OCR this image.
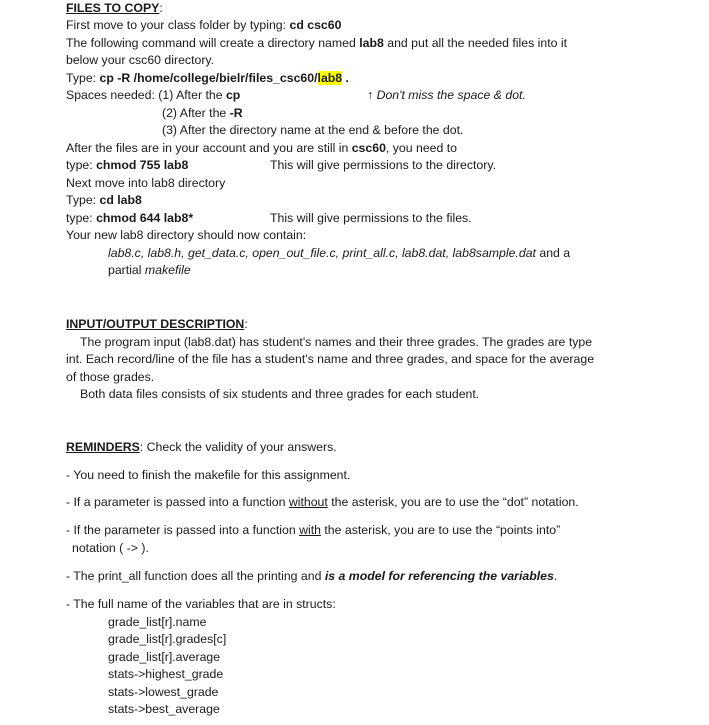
FILES TO COPY:
First move to your class folder by typing: cd csc60
The following command will create a directory named lab8 and put all the needed files into it
below your csc60 directory.
Type: cp -R /home/college/bielr/files_csc60/lab8 .
Spaces needed: (1) After the cp	↑ Don't miss the space & dot.
(2) After the -R
(3) After the directory name at the end & before the dot.
After the files are in your account and you are still in csc60, you need to
type: chmod 755 lab8	This will give permissions to the directory.
Next move into lab8 directory
Type: cd lab8
type: chmod 644 lab8*	This will give permissions to the files.
Your new lab8 directory should now contain:
lab8.c, lab8.h, get_data.c, open_out_file.c, print_all.c, lab8.dat, lab8sample.dat and a
partial makefile
INPUT/OUTPUT DESCRIPTION:
The program input (lab8.dat) has student's names and their three grades. The grades are type
int. Each record/line of the file has a student's name and three grades, and space for the average
of those grades.
Both data files consists of six students and three grades for each student.
REMINDERS: Check the validity of your answers.
- You need to finish the makefile for this assignment.
- If a parameter is passed into a function without the asterisk, you are to use the “dot” notation.
- If the parameter is passed into a function with the asterisk, you are to use the “points into”
notation ( -> ).
- The print_all function does all the printing and is a model for referencing the variables.
- The full name of the variables that are in structs:
grade_list[r].name
grade_list[r].grades[c]
grade_list[r].average
stats->highest_grade
stats->lowest_grade
stats->best_average
